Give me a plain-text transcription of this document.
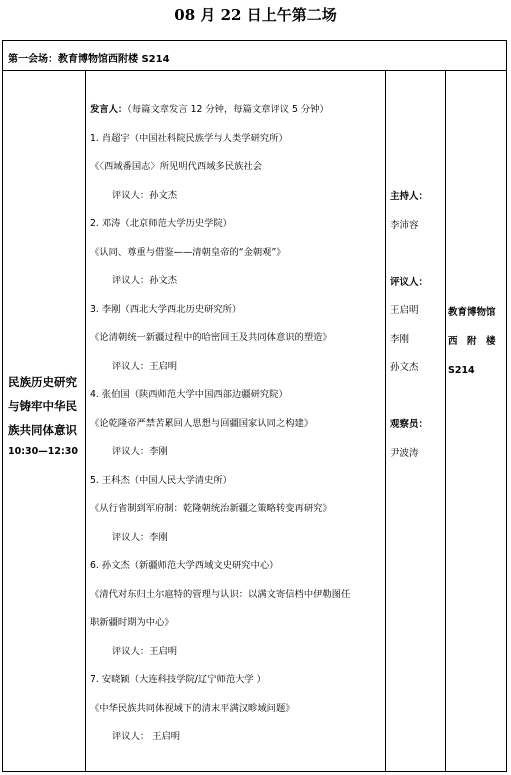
08 月 22 日上午第二场
第一会场：教育博物馆西附楼 S214
民族历史研究
与铸牢中华民
族共同体意识
10:30—12:30
发言人：（每篇文章发言 12 分钟，每篇文章评议 5 分钟）
1. 肖超宇（中国社科院民族学与人类学研究所）
《〈西域番国志〉所见明代西域多民族社会
评议人：孙文杰
2. 邓涛（北京师范大学历史学院）
《认同、尊重与借鉴——清朝皇帝的“金朝观”》
评议人：孙文杰
3. 李刚（西北大学西北历史研究所）
《论清朝统一新疆过程中的哈密回王及共同体意识的塑造》
评议人：王启明
4. 张伯国（陕西师范大学中国西部边疆研究院）
《论乾隆帝严禁苦累回人思想与回疆国家认同之构建》
评议人：李刚
5. 王科杰（中国人民大学清史所）
《从行省制到军府制：乾隆朝统治新疆之策略转变再研究》
评议人：李刚
6. 孙文杰（新疆师范大学西域文史研究中心）
《清代对东归土尔扈特的管理与认识：以满文寄信档中伊勒图任
职新疆时期为中心》
评议人：王启明
7. 安晓颖（大连科技学院/辽宁师范大学 ）
《中华民族共同体视域下的清末平满汉畛域问题》
评议人： 王启明
主持人：
李沛容
评议人：
王启明
李刚
孙文杰
观察员：
尹波涛
教育博物馆
西　附　楼
S214
